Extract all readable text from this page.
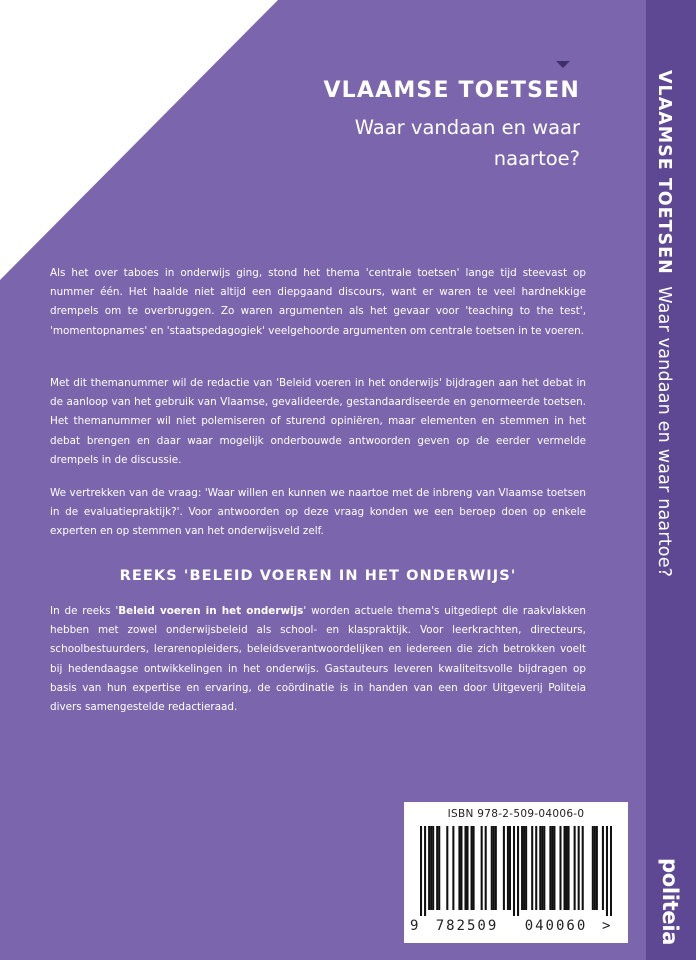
VLAAMSE TOETSEN
Waar vandaan en waar naartoe?

Als het over taboes in onderwijs ging, stond het thema 'centrale toetsen' lange tijd steevast op nummer één. Het haalde niet altijd een diepgaand discours, want er waren te veel hardnekkige drempels om te overbruggen. Zo waren argumenten als het gevaar voor 'teaching to the test', 'momentopnames' en 'staatspedagogiek' veelgehoorde argumenten om centrale toetsen in te voeren.

Met dit themanummer wil de redactie van 'Beleid voeren in het onderwijs' bijdragen aan het debat in de aanloop van het gebruik van Vlaamse, gevalideerde, gestandaardiseerde en genormeerde toetsen. Het themanummer wil niet polemiseren of sturend opiniëren, maar elementen en stemmen in het debat brengen en daar waar mogelijk onderbouwde antwoorden geven op de eerder vermelde drempels in de discussie.

We vertrekken van de vraag: 'Waar willen en kunnen we naartoe met de inbreng van Vlaamse toetsen in de evaluatiepraktijk?'. Voor antwoorden op deze vraag konden we een beroep doen op enkele experten en op stemmen van het onderwijsveld zelf.

REEKS 'BELEID VOEREN IN HET ONDERWIJS'

In de reeks 'Beleid voeren in het onderwijs' worden actuele thema's uitgediept die raakvlakken hebben met zowel onderwijsbeleid als school- en klaspraktijk. Voor leerkrachten, directeurs, schoolbestuurders, lerarenopleiders, beleidsverantwoordelijken en iedereen die zich betrokken voelt bij hedendaagse ontwikkelingen in het onderwijs. Gastauteurs leveren kwaliteitsvolle bijdragen op basis van hun expertise en ervaring, de coördinatie is in handen van een door Uitgeverij Politeia divers samengestelde redactieraad.

ISBN 978-2-509-04006-0
9 782509 040060 >
VLAAMSE TOETSEN  Waar vandaan en waar naartoe?
politeia
